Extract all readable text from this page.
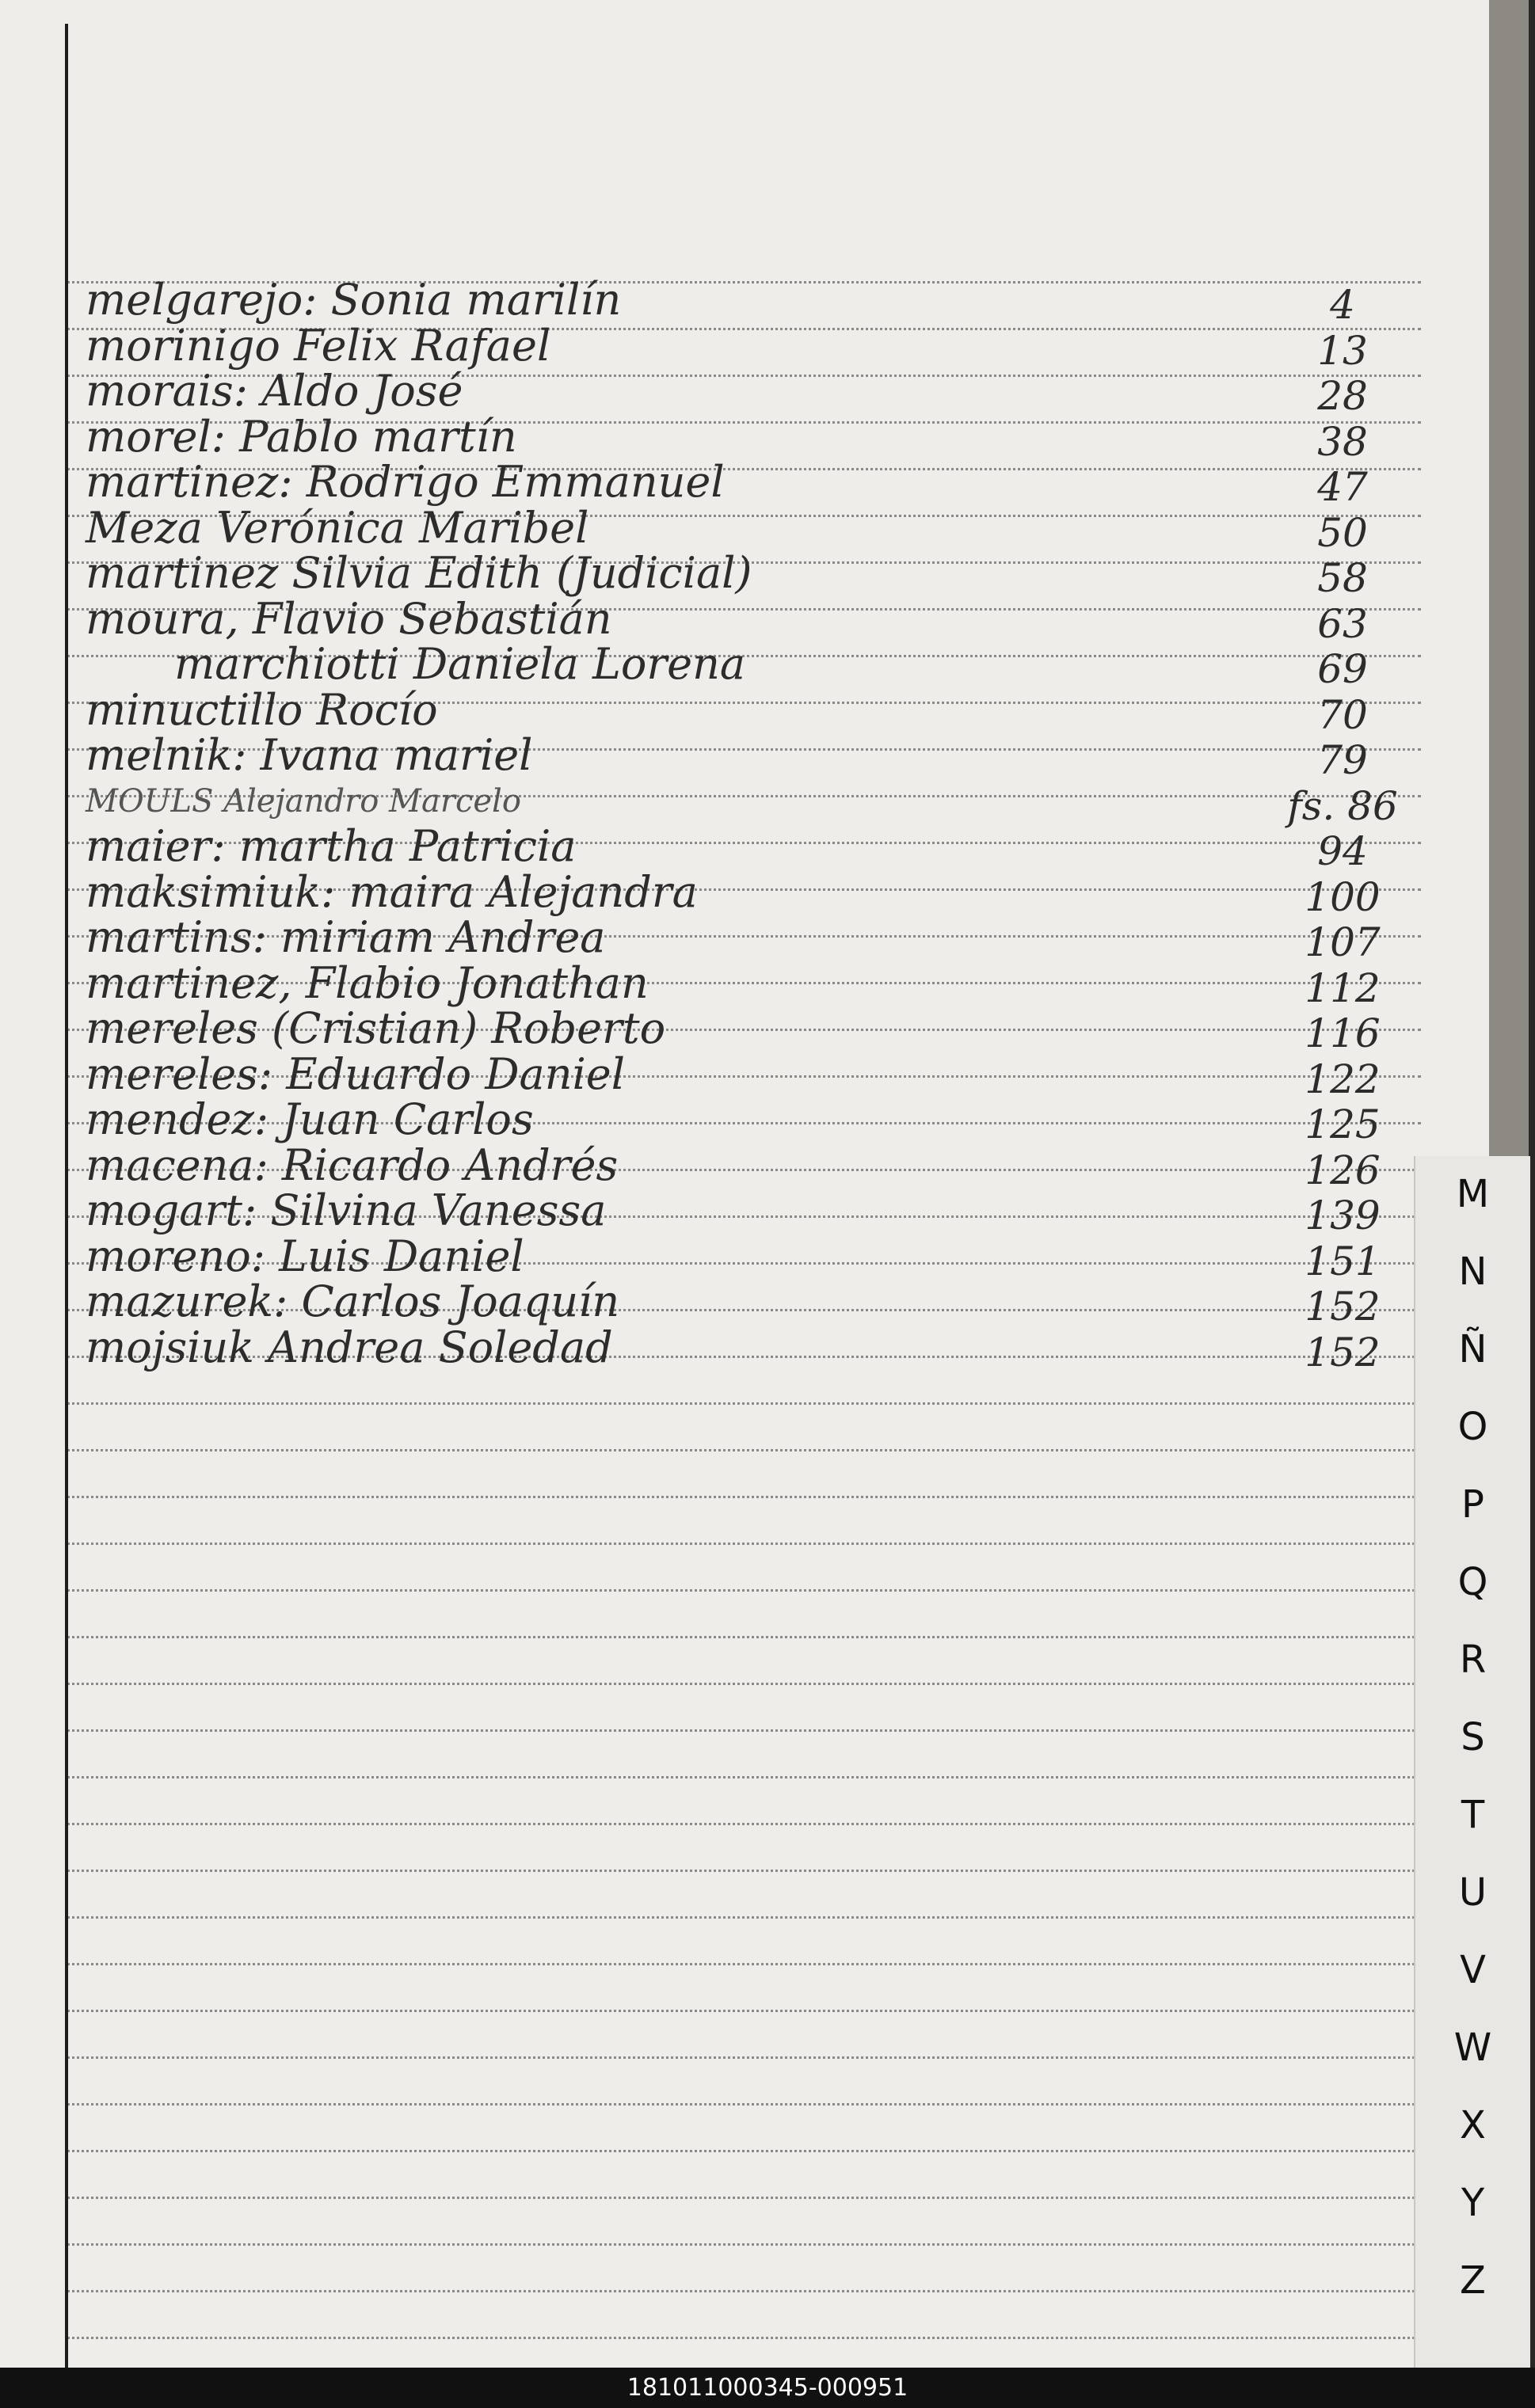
melgarejo: Sonia marilín	4
morinigo Felix Rafael	13
morais: Aldo José	28
morel: Pablo martín	38
martinez: Rodrigo Emmanuel	47
Meza Verónica Maribel	50
martinez Silvia Edith (Judicial)	58
moura, Flavio Sebastián	63
marchiotti Daniela Lorena	69
minuctillo Rocío	70
melnik: Ivana mariel	79
MOULS Alejandro Marcelo	fs. 86
maier: martha Patricia	94
maksimiuk: maira Alejandra	100
martins: miriam Andrea	107
martinez, Flabio Jonathan	112
mereles (Cristian) Roberto	116
mereles: Eduardo Daniel	122
mendez: Juan Carlos	125
macena: Ricardo Andrés	126
mogart: Silvina Vanessa	139
moreno: Luis Daniel	151
mazurek: Carlos Joaquín	152
mojsiuk Andrea Soledad	152
M
N
Ñ
O
P
Q
R
S
T
U
V
W
X
Y
Z
181011000345-000951
